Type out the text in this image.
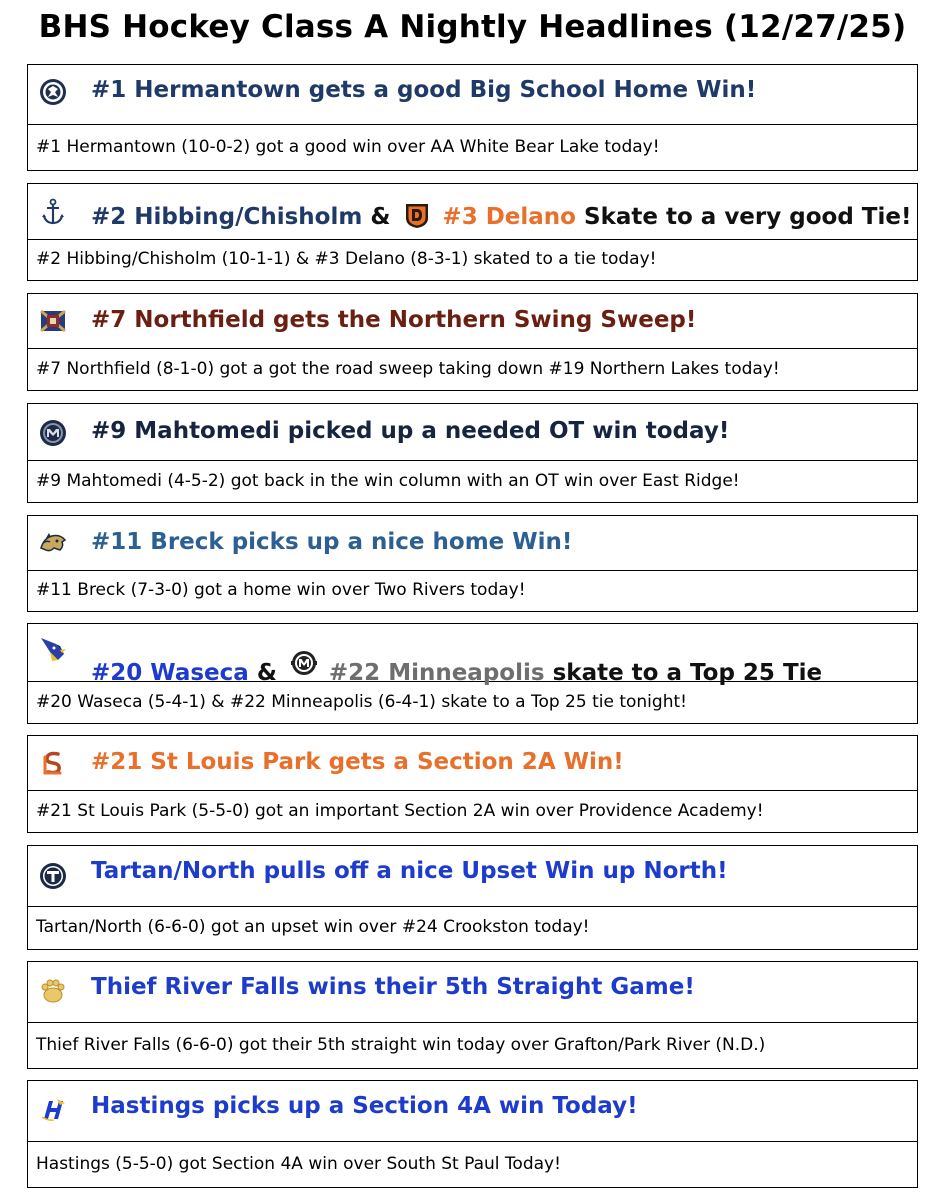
BHS Hockey Class A Nightly Headlines (12/27/25)
#1 Hermantown gets a good Big School Home Win!
#1 Hermantown (10-0-2) got a good win over AA White Bear Lake today!
#2 Hibbing/Chisholm & #3 Delano Skate to a very good Tie!
#2 Hibbing/Chisholm (10-1-1) & #3 Delano (8-3-1) skated to a tie today!
#7 Northfield gets the Northern Swing Sweep!
#7 Northfield (8-1-0) got a got the road sweep taking down #19 Northern Lakes today!
#9 Mahtomedi picked up a needed OT win today!
#9 Mahtomedi (4-5-2) got back in the win column with an OT win over East Ridge!
#11 Breck picks up a nice home Win!
#11 Breck (7-3-0) got a home win over Two Rivers today!
#20 Waseca & #22 Minneapolis skate to a Top 25 Tie
#20 Waseca (5-4-1) & #22 Minneapolis (6-4-1) skate to a Top 25 tie tonight!
#21 St Louis Park gets a Section 2A Win!
#21 St Louis Park (5-5-0) got an important Section 2A win over Providence Academy!
Tartan/North pulls off a nice Upset Win up North!
Tartan/North (6-6-0) got an upset win over #24 Crookston today!
Thief River Falls wins their 5th Straight Game!
Thief River Falls (6-6-0) got their 5th straight win today over Grafton/Park River (N.D.)
Hastings picks up a Section 4A win Today!
Hastings (5-5-0) got Section 4A win over South St Paul Today!
